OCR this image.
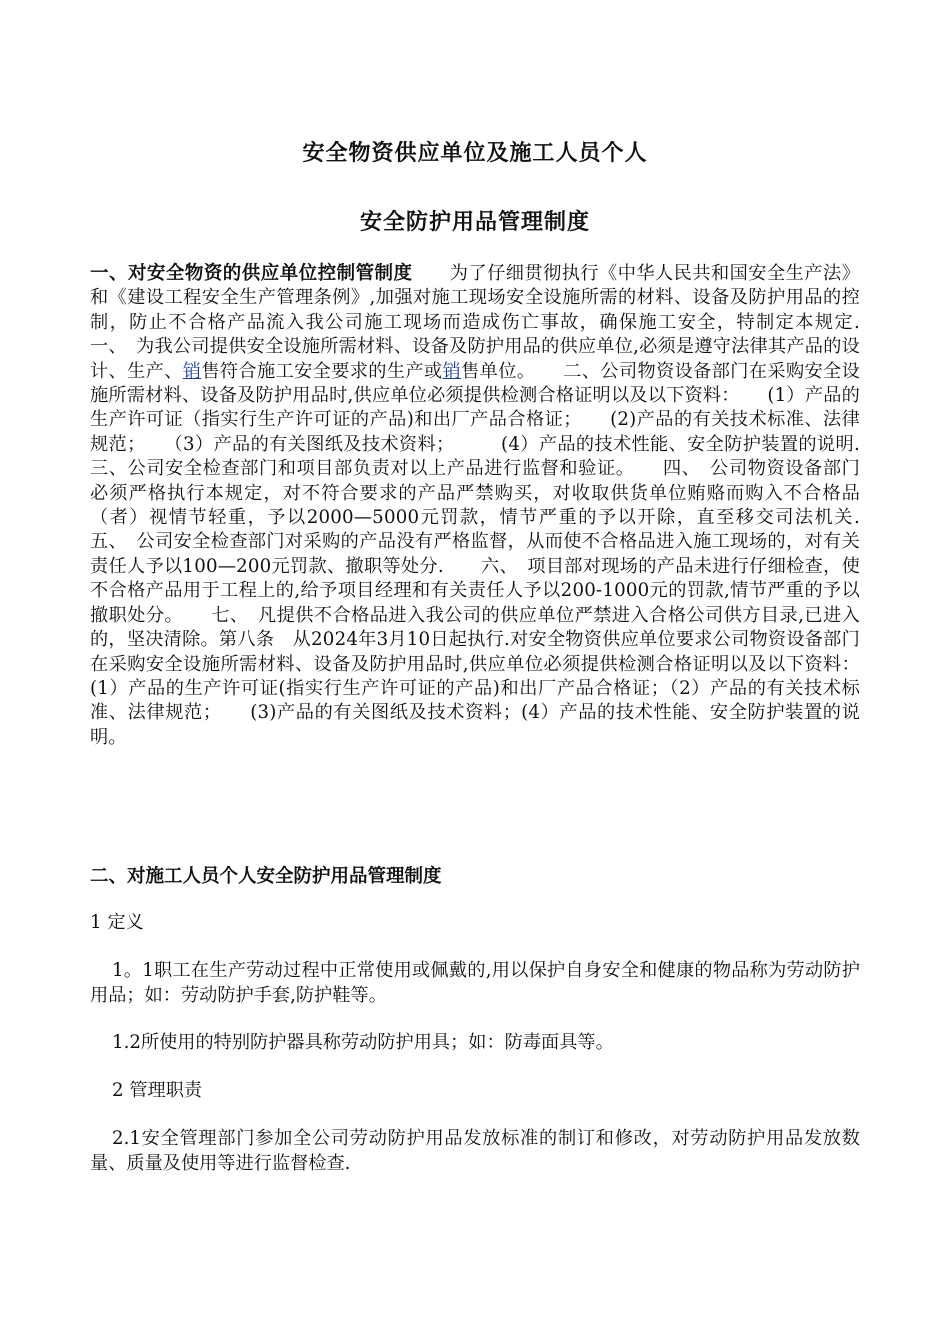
安全物资供应单位及施工人员个人
安全防护用品管理制度

一、对安全物资的供应单位控制管制度　　为了仔细贯彻执行《中华人民共和国安全生产法》和《建设工程安全生产管理条例》,加强对施工现场安全设施所需的材料、设备及防护用品的控制，防止不合格产品流入我公司施工现场而造成伤亡事故，确保施工安全，特制定本规定.　　一、　为我公司提供安全设施所需材料、设备及防护用品的供应单位,必须是遵守法律其产品的设计、生产、销售符合施工安全要求的生产或销售单位。　　二、公司物资设备部门在采购安全设施所需材料、设备及防护用品时,供应单位必须提供检测合格证明以及以下资料：　　(1）产品的生产许可证（指实行生产许可证的产品)和出厂产品合格证；　　(2)产品的有关技术标准、法律规范；　　（3）产品的有关图纸及技术资料；　　　(4）产品的技术性能、安全防护装置的说明.　　三、公司安全检查部门和项目部负责对以上产品进行监督和验证。　　四、　公司物资设备部门必须严格执行本规定，对不符合要求的产品严禁购买，对收取供货单位贿赂而购入不合格品（者）视情节轻重，予以2000—5000元罚款，情节严重的予以开除，直至移交司法机关.　　五、　公司安全检查部门对采购的产品没有严格监督，从而使不合格品进入施工现场的，对有关责任人予以100—200元罚款、撤职等处分.　　六、　项目部对现场的产品未进行仔细检查，使不合格产品用于工程上的,给予项目经理和有关责任人予以200-1000元的罚款,情节严重的予以撤职处分。　　七、　凡提供不合格品进入我公司的供应单位严禁进入合格公司供方目录,已进入的，坚决清除。第八条　从2024年3月10日起执行.对安全物资供应单位要求公司物资设备部门在采购安全设施所需材料、设备及防护用品时,供应单位必须提供检测合格证明以及以下资料：(1）产品的生产许可证(指实行生产许可证的产品)和出厂产品合格证；（2）产品的有关技术标准、法律规范；　　(3)产品的有关图纸及技术资料；(4）产品的技术性能、安全防护装置的说明。

二、对施工人员个人安全防护用品管理制度
1 定义
1。1职工在生产劳动过程中正常使用或佩戴的,用以保护自身安全和健康的物品称为劳动防护用品；如：劳动防护手套,防护鞋等。
1.2所使用的特别防护器具称劳动防护用具；如：防毒面具等。
2 管理职责
2.1安全管理部门参加全公司劳动防护用品发放标准的制订和修改，对劳动防护用品发放数量、质量及使用等进行监督检查.
